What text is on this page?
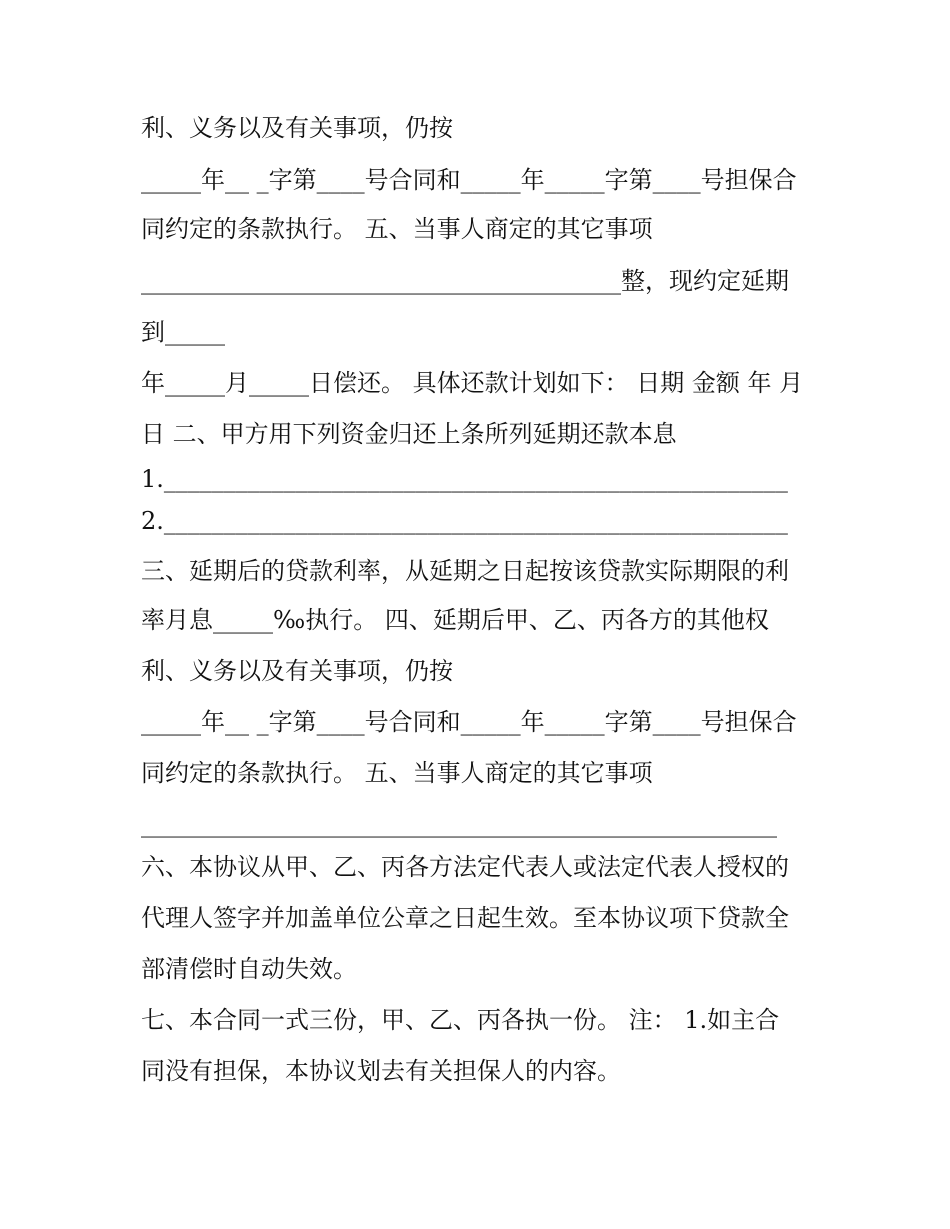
利、义务以及有关事项，仍按
_____年__ _字第____号合同和_____年_____字第____号担保合
同约定的条款执行。 五、当事人商定的其它事项
________________________________________整，现约定延期
到_____
年_____月_____日偿还。 具体还款计划如下： 日期 金额 年 月
日 二、甲方用下列资金归还上条所列延期还款本息
1.____________________________________________________
2.____________________________________________________
三、延期后的贷款利率，从延期之日起按该贷款实际期限的利
率月息_____‰执行。 四、延期后甲、乙、丙各方的其他权
利、义务以及有关事项，仍按
_____年__ _字第____号合同和_____年_____字第____号担保合
同约定的条款执行。 五、当事人商定的其它事项
_____________________________________________________
六、本协议从甲、乙、丙各方法定代表人或法定代表人授权的
代理人签字并加盖单位公章之日起生效。至本协议项下贷款全
部清偿时自动失效。
七、本合同一式三份，甲、乙、丙各执一份。 注： 1.如主合
同没有担保，本协议划去有关担保人的内容。
